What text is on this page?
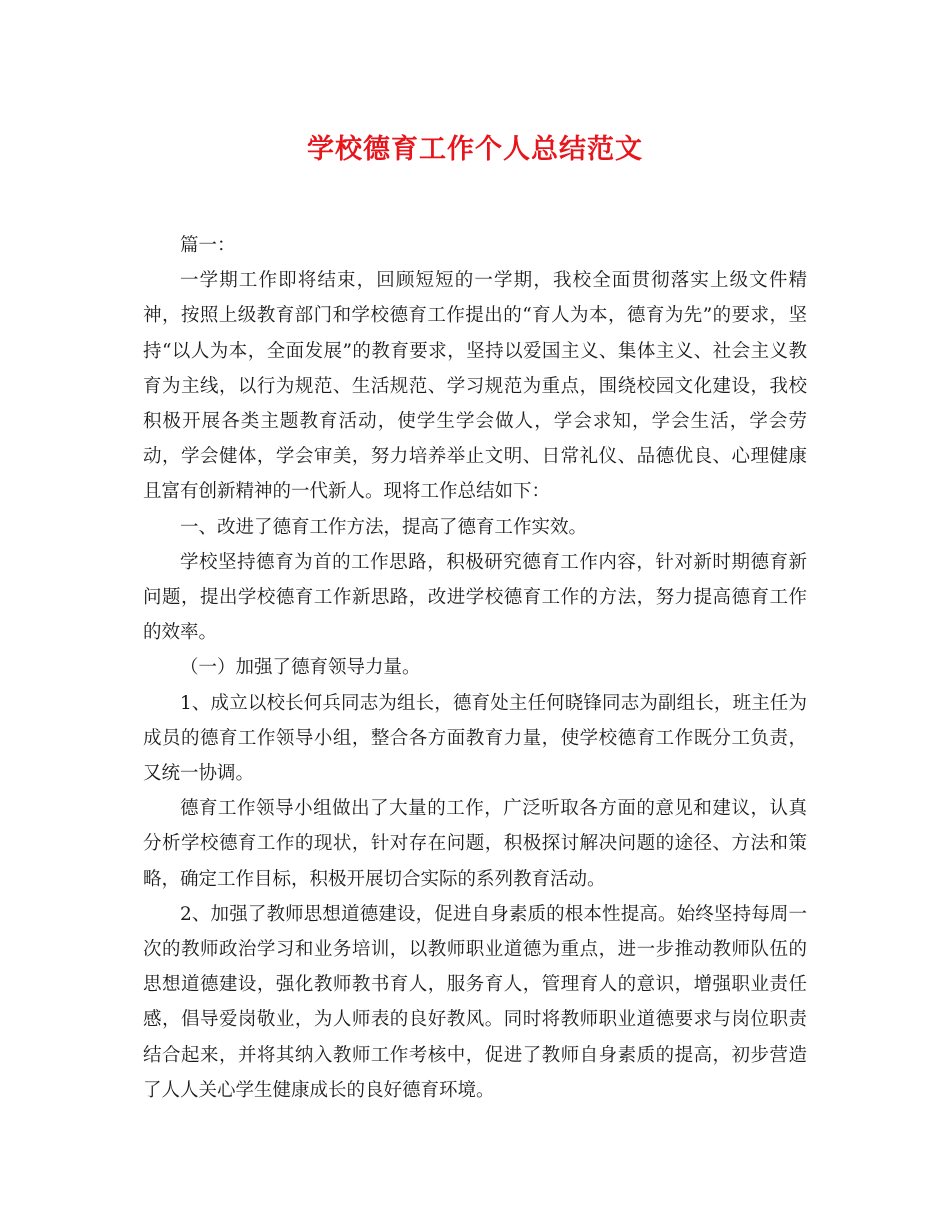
学校德育工作个人总结范文

篇一：

一学期工作即将结束，回顾短短的一学期，我校全面贯彻落实上级文件精神，按照上级教育部门和学校德育工作提出的“育人为本，德育为先”的要求，坚持“以人为本，全面发展”的教育要求，坚持以爱国主义、集体主义、社会主义教育为主线，以行为规范、生活规范、学习规范为重点，围绕校园文化建设，我校积极开展各类主题教育活动，使学生学会做人，学会求知，学会生活，学会劳动，学会健体，学会审美，努力培养举止文明、日常礼仪、品德优良、心理健康且富有创新精神的一代新人。现将工作总结如下：

一、改进了德育工作方法，提高了德育工作实效。

学校坚持德育为首的工作思路，积极研究德育工作内容，针对新时期德育新问题，提出学校德育工作新思路，改进学校德育工作的方法，努力提高德育工作的效率。

（一）加强了德育领导力量。

1、成立以校长何兵同志为组长，德育处主任何晓锋同志为副组长，班主任为成员的德育工作领导小组，整合各方面教育力量，使学校德育工作既分工负责，又统一协调。

德育工作领导小组做出了大量的工作，广泛听取各方面的意见和建议，认真分析学校德育工作的现状，针对存在问题，积极探讨解决问题的途径、方法和策略，确定工作目标，积极开展切合实际的系列教育活动。

2、加强了教师思想道德建设，促进自身素质的根本性提高。始终坚持每周一次的教师政治学习和业务培训，以教师职业道德为重点，进一步推动教师队伍的思想道德建设，强化教师教书育人，服务育人，管理育人的意识，增强职业责任感，倡导爱岗敬业，为人师表的良好教风。同时将教师职业道德要求与岗位职责结合起来，并将其纳入教师工作考核中，促进了教师自身素质的提高，初步营造了人人关心学生健康成长的良好德育环境。
